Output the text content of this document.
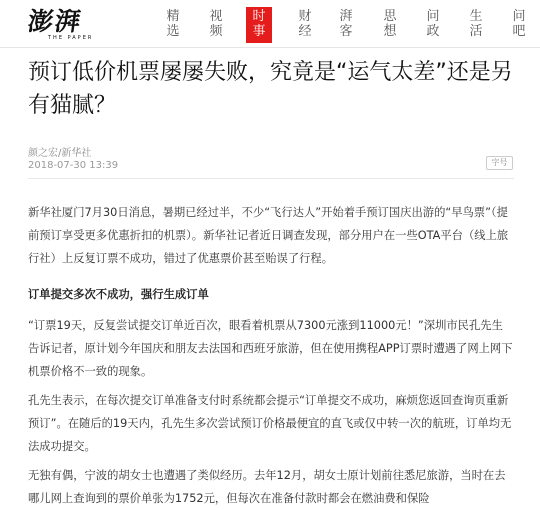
澎湃
THE PAPER
精选
视频
时事
财经
湃客
思想
问政
生活
问吧
预订低价机票屡屡失败，究竟是“运气太差”还是另有猫腻？
颜之宏/新华社
2018-07-30 13:39	字号

新华社厦门7月30日消息，暑期已经过半，不少“飞行达人”开始着手预订国庆出游的“早鸟票”（提前预订享受更多优惠折扣的机票）。新华社记者近日调查发现，部分用户在一些OTA平台（线上旅行社）上反复订票不成功，错过了优惠票价甚至贻误了行程。

订单提交多次不成功，强行生成订单

“订票19天，反复尝试提交订单近百次，眼看着机票从7300元涨到11000元！”深圳市民孔先生告诉记者，原计划今年国庆和朋友去法国和西班牙旅游，但在使用携程APP订票时遭遇了网上网下机票价格不一致的现象。

孔先生表示，在每次提交订单准备支付时系统都会提示“订单提交不成功，麻烦您返回查询页重新预订”。在随后的19天内，孔先生多次尝试预订价格最便宜的直飞或仅中转一次的航班，订单均无法成功提交。

无独有偶，宁波的胡女士也遭遇了类似经历。去年12月，胡女士原计划前往悉尼旅游，当时在去哪儿网上查询到的票价单张为1752元，但每次在准备付款时都会在燃油费和保险
